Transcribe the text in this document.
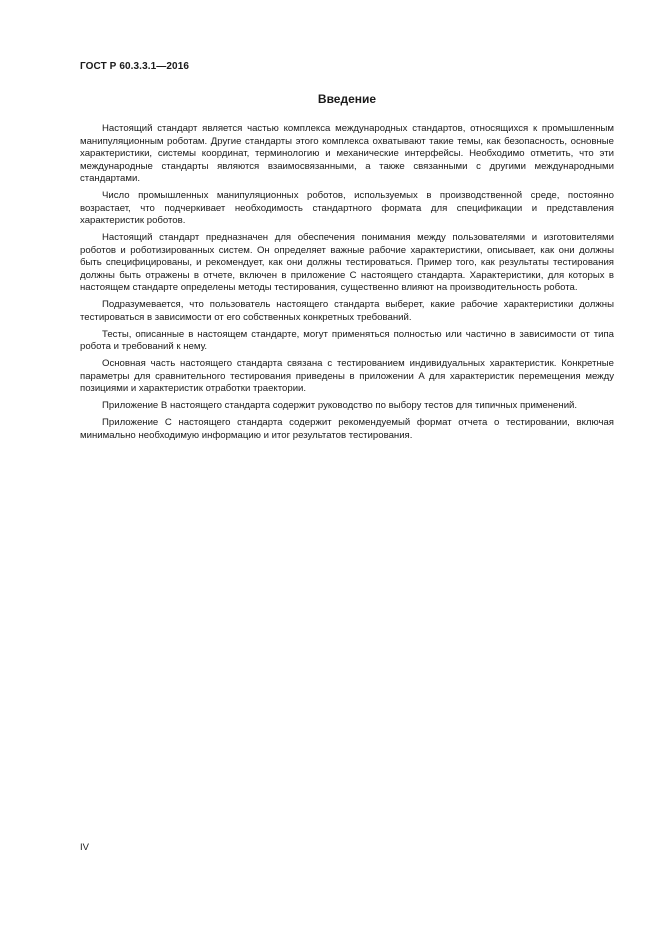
ГОСТ Р 60.3.3.1—2016
Введение

Настоящий стандарт является частью комплекса международных стандартов, относящихся к промышленным манипуляционным роботам. Другие стандарты этого комплекса охватывают такие темы, как безопасность, основные характеристики, системы координат, терминологию и механические интерфейсы. Необходимо отметить, что эти международные стандарты являются взаимосвязанными, а также связанными с другими международными стандартами.

Число промышленных манипуляционных роботов, используемых в производственной среде, постоянно возрастает, что подчеркивает необходимость стандартного формата для спецификации и представления характеристик роботов.

Настоящий стандарт предназначен для обеспечения понимания между пользователями и изготовителями роботов и роботизированных систем. Он определяет важные рабочие характеристики, описывает, как они должны быть специфицированы, и рекомендует, как они должны тестироваться. Пример того, как результаты тестирования должны быть отражены в отчете, включен в приложение C настоящего стандарта. Характеристики, для которых в настоящем стандарте определены методы тестирования, существенно влияют на производительность робота.

Подразумевается, что пользователь настоящего стандарта выберет, какие рабочие характеристики должны тестироваться в зависимости от его собственных конкретных требований.

Тесты, описанные в настоящем стандарте, могут применяться полностью или частично в зависимости от типа робота и требований к нему.

Основная часть настоящего стандарта связана с тестированием индивидуальных характеристик. Конкретные параметры для сравнительного тестирования приведены в приложении A для характеристик перемещения между позициями и характеристик отработки траектории.

Приложение B настоящего стандарта содержит руководство по выбору тестов для типичных применений.

Приложение C настоящего стандарта содержит рекомендуемый формат отчета о тестировании, включая минимально необходимую информацию и итог результатов тестирования.

IV
